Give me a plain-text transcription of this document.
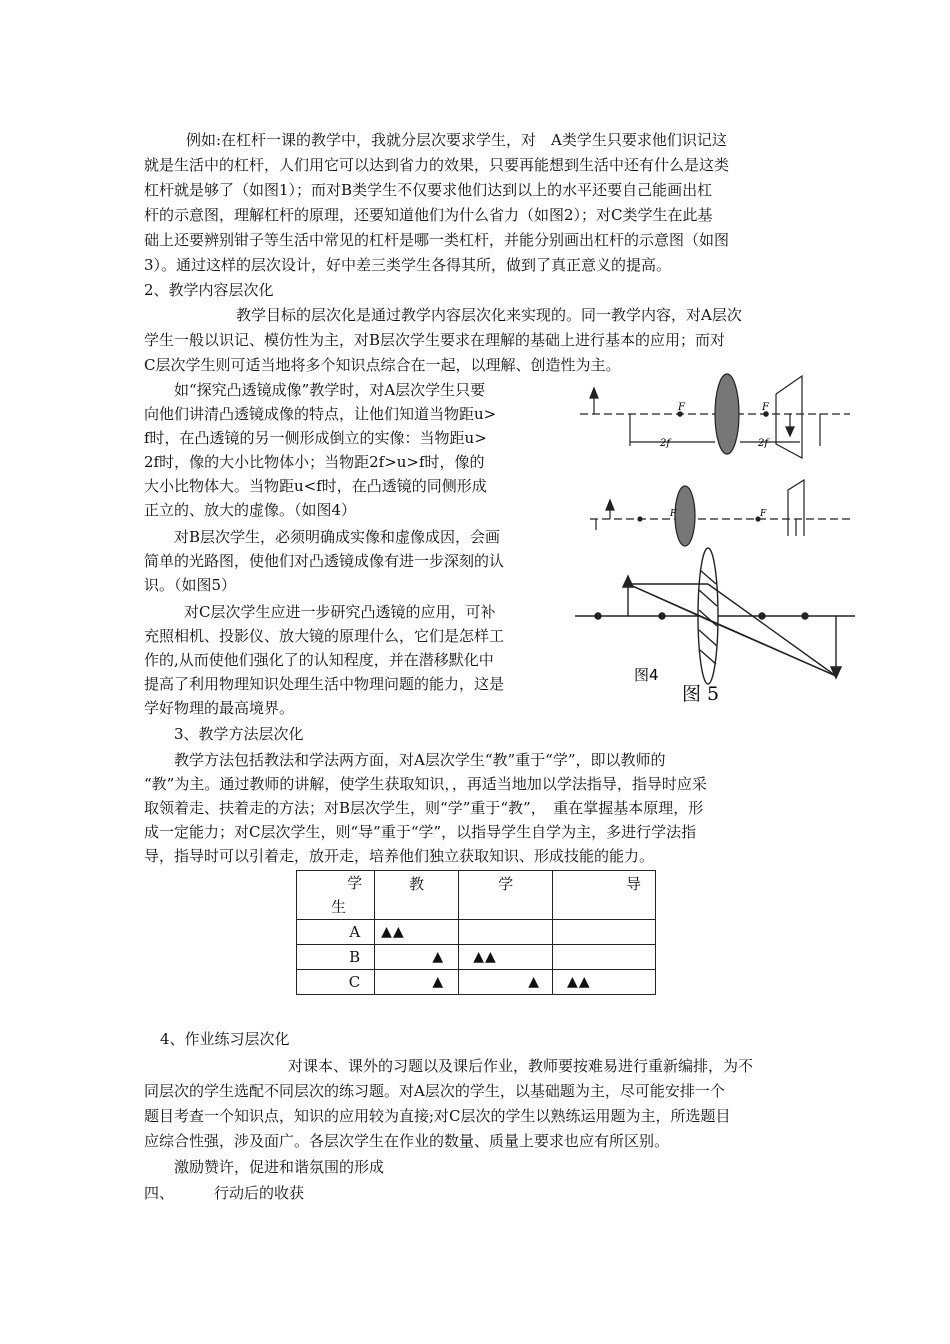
例如:在杠杆一课的教学中，我就分层次要求学生，对　A类学生只要求他们识记这
就是生活中的杠杆，人们用它可以达到省力的效果，只要再能想到生活中还有什么是这类
杠杆就是够了（如图1）；而对B类学生不仅要求他们达到以上的水平还要自己能画出杠
杆的示意图，理解杠杆的原理，还要知道他们为什么省力（如图2）；对C类学生在此基
础上还要辨别钳子等生活中常见的杠杆是哪一类杠杆，并能分别画出杠杆的示意图（如图
3）。通过这样的层次设计，好中差三类学生各得其所，做到了真正意义的提高。
2、教学内容层次化
教学目标的层次化是通过教学内容层次化来实现的。同一教学内容，对A层次
学生一般以识记、模仿性为主，对B层次学生要求在理解的基础上进行基本的应用；而对
C层次学生则可适当地将多个知识点综合在一起，以理解、创造性为主。
如“探究凸透镜成像”教学时，对A层次学生只要
向他们讲清凸透镜成像的特点，让他们知道当物距u>
f时，在凸透镜的另一侧形成倒立的实像：当物距u>
2f时，像的大小比物体小；当物距2f>u>f时，像的
大小比物体大。当物距u<f时，在凸透镜的同侧形成
正立的、放大的虚像。（如图4）
对B层次学生，必须明确成实像和虚像成因，会画
简单的光路图，使他们对凸透镜成像有进一步深刻的认
识。（如图5）
对C层次学生应进一步研究凸透镜的应用，可补
充照相机、投影仪、放大镜的原理什么，它们是怎样工
作的,从而使他们强化了的认知程度，并在潜移默化中
提高了利用物理知识处理生活中物理问题的能力，这是
学好物理的最高境界。
F	F
2f	2f
F	F
图4
图 5
3、教学方法层次化
教学方法包括教法和学法两方面，对A层次学生“教”重于“学”，即以教师的
“教”为主。通过教师的讲解，使学生获取知识，，再适当地加以学法指导，指导时应采
取领着走、扶着走的方法；对B层次学生，则“学”重于“教”，　重在掌握基本原理，形
成一定能力；对C层次学生，则“导”重于“学”，以指导学生自学为主，多进行学法指
导，指导时可以引着走，放开走，培养他们独立获取知识、形成技能的能力。
学
生	教	学	导
A	▲▲		
B	▲	▲▲	
C	▲	▲	▲▲
4、作业练习层次化
对课本、课外的习题以及课后作业，教师要按难易进行重新编排，为不
同层次的学生选配不同层次的练习题。对A层次的学生，以基础题为主，尽可能安排一个
题目考查一个知识点，知识的应用较为直接;对C层次的学生以熟练运用题为主，所选题目
应综合性强，涉及面广。各层次学生在作业的数量、质量上要求也应有所区别。
激励赞许，促进和谐氛围的形成
四、	行动后的收获
